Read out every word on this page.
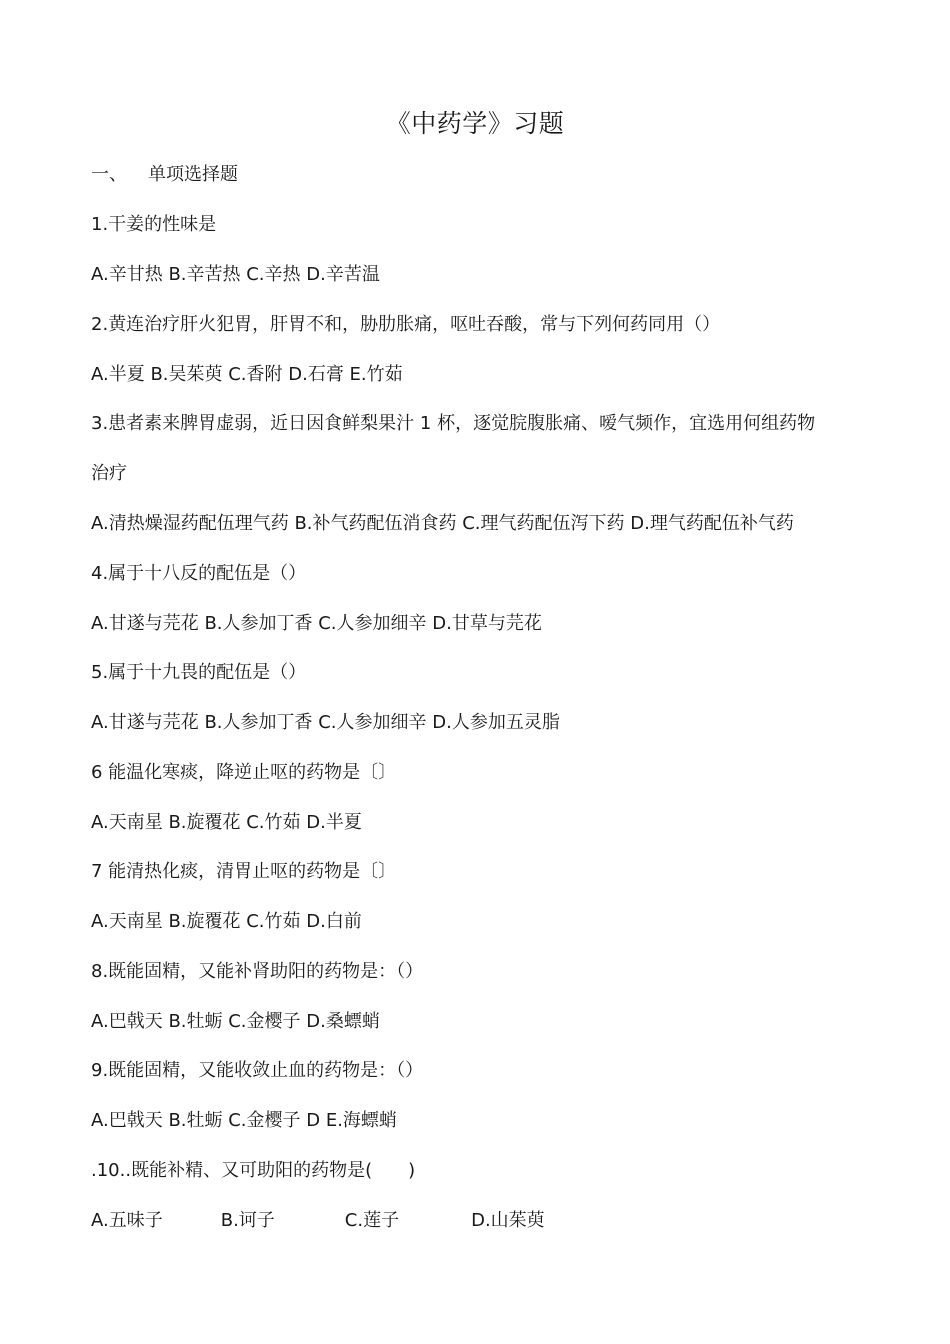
《中药学》习题
一、 单项选择题
1.干姜的性味是
A.辛甘热 B.辛苦热 C.辛热 D.辛苦温
2.黄连治疗肝火犯胃，肝胃不和，胁肋胀痛，呕吐吞酸，常与下列何药同用（）
A.半夏 B.吴茱萸 C.香附 D.石膏 E.竹茹
3.患者素来脾胃虚弱，近日因食鲜梨果汁 1 杯，逐觉脘腹胀痛、嗳气频作，宜选用何组药物
治疗
A.清热燥湿药配伍理气药 B.补气药配伍消食药 C.理气药配伍泻下药 D.理气药配伍补气药
4.属于十八反的配伍是（）
A.甘遂与芫花 B.人参加丁香 C.人参加细辛 D.甘草与芫花
5.属于十九畏的配伍是（）
A.甘遂与芫花 B.人参加丁香 C.人参加细辛 D.人参加五灵脂
6 能温化寒痰，降逆止呕的药物是〔〕
A.天南星 B.旋覆花 C.竹茹 D.半夏
7 能清热化痰，清胃止呕的药物是〔〕
A.天南星 B.旋覆花 C.竹茹 D.白前
8.既能固精，又能补肾助阳的药物是：（）
A.巴戟天 B.牡蛎 C.金樱子 D.桑螵蛸
9.既能固精，又能收敛止血的药物是：（）
A.巴戟天 B.牡蛎 C.金樱子 D E.海螵蛸
.10..既能补精、又可助阳的药物是(　　)
A.五味子	B.诃子	C.莲子	D.山茱萸
